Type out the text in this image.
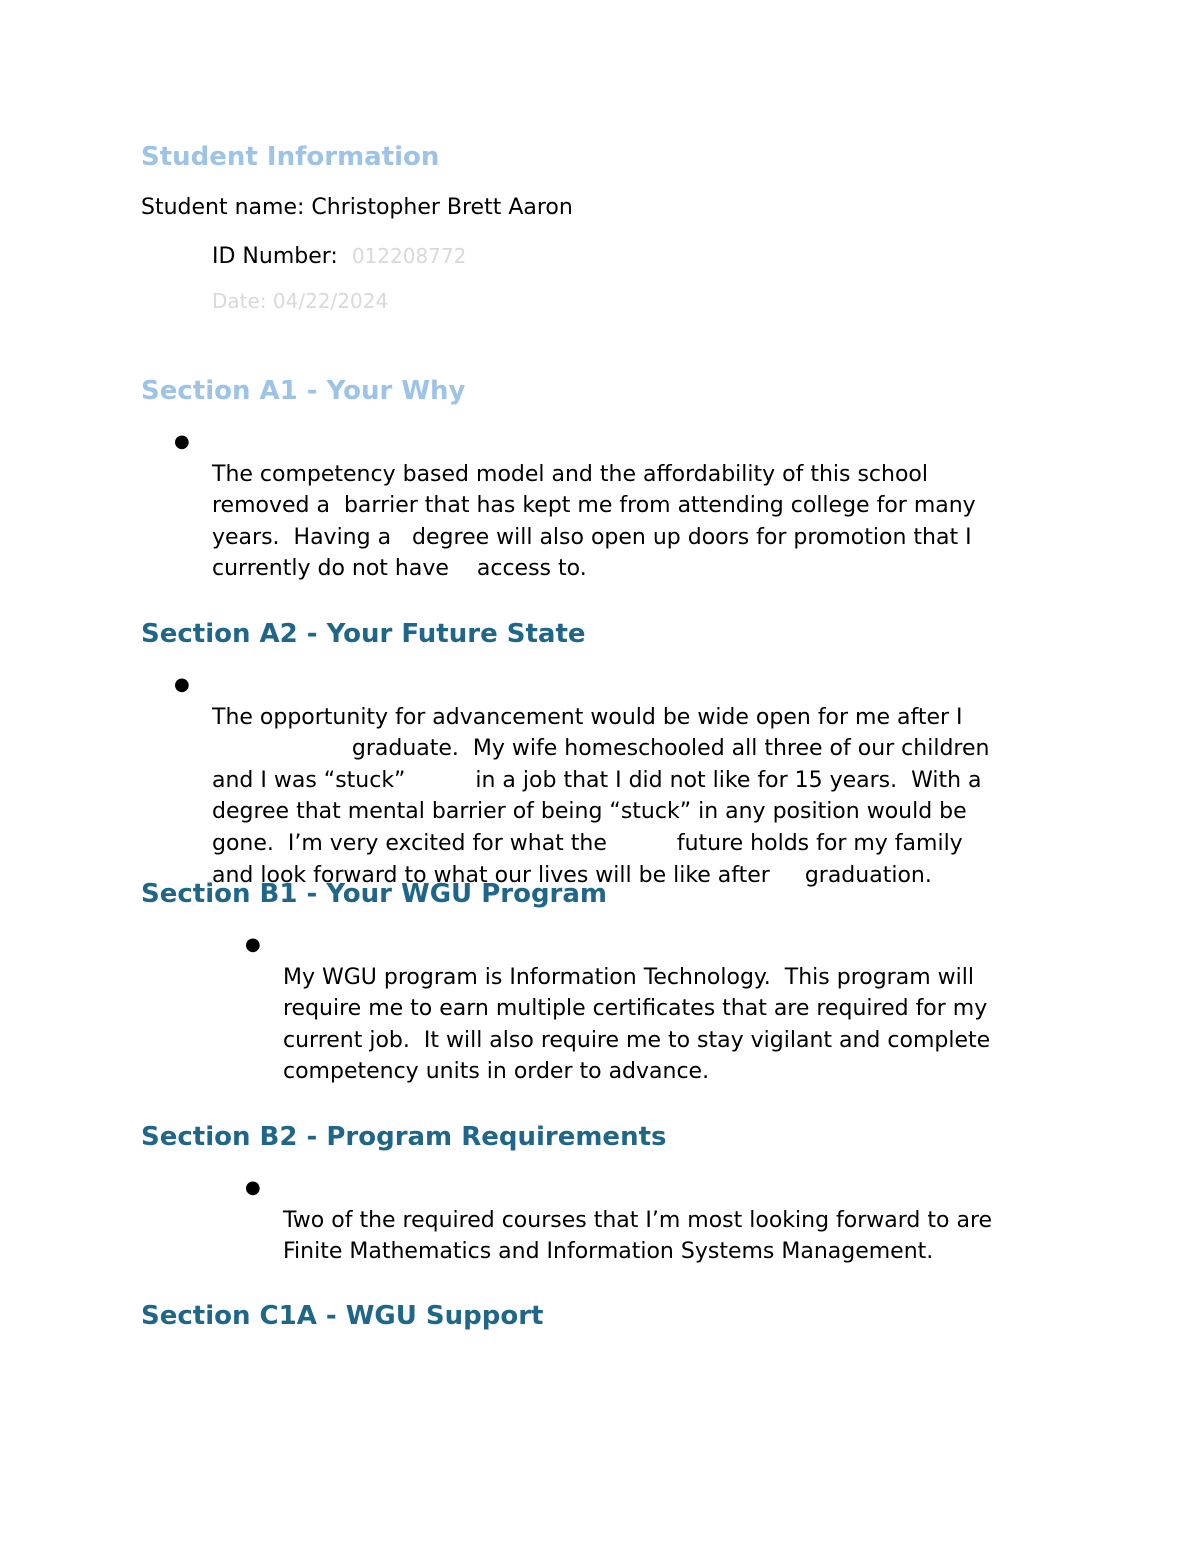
Student Information
Student name: Christopher Brett Aaron
ID Number: 012208772
Date: 04/22/2024
Section A1 - Your Why
●

The competency based model and the affordability of this school
removed a  barrier that has kept me from attending college for many
years.  Having a   degree will also open up doors for promotion that I
currently do not have    access to.

Section A2 - Your Future State
●

The opportunity for advancement would be wide open for me after I
graduate.  My wife homeschooled all three of our children
and I was “stuck”          in a job that I did not like for 15 years.  With a
degree that mental barrier of being “stuck” in any position would be
gone.  I’m very excited for what the          future holds for my family
and look forward to what our lives will be like after     graduation.

Section B1 - Your WGU Program
●

My WGU program is Information Technology.  This program will
require me to earn multiple certificates that are required for my
current job.  It will also require me to stay vigilant and complete
competency units in order to advance.

Section B2 - Program Requirements
●

Two of the required courses that I’m most looking forward to are
Finite Mathematics and Information Systems Management.

Section C1A - WGU Support
